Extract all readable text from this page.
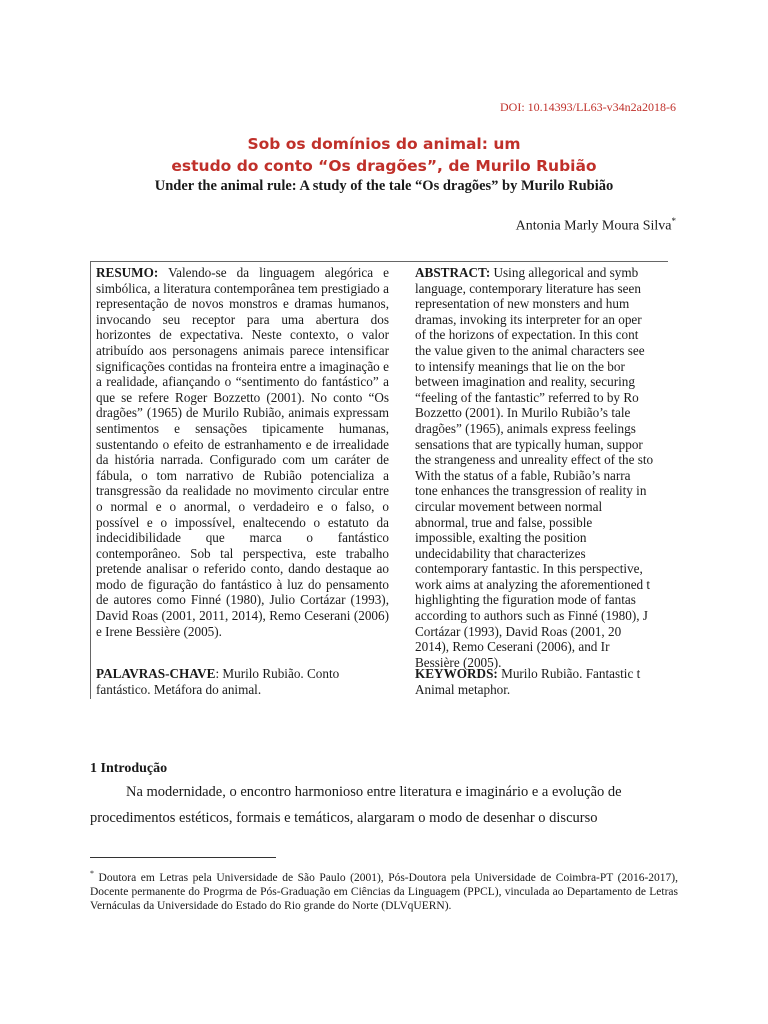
DOI: 10.14393/LL63-v34n2a2018-6
Sob os domínios do animal: um
estudo do conto “Os dragões”, de Murilo Rubião
Under the animal rule: A study of the tale “Os dragões” by Murilo Rubião
Antonia Marly Moura Silva*

RESUMO: Valendo-se da linguagem alegórica e simbólica, a literatura contemporânea tem prestigiado a representação de novos monstros e dramas humanos, invocando seu receptor para uma abertura dos horizontes de expectativa. Neste contexto, o valor atribuído aos personagens animais parece intensificar significações contidas na fronteira entre a imaginação e a realidade, afiançando o “sentimento do fantástico” a que se refere Roger Bozzetto (2001). No conto “Os dragões” (1965) de Murilo Rubião, animais expressam sentimentos e sensações tipicamente humanas, sustentando o efeito de estranhamento e de irrealidade da história narrada. Configurado com um caráter de fábula, o tom narrativo de Rubião potencializa a transgressão da realidade no movimento circular entre o normal e o anormal, o verdadeiro e o falso, o possível e o impossível, enaltecendo o estatuto da indecidibilidade que marca o fantástico contemporâneo. Sob tal perspectiva, este trabalho pretende analisar o referido conto, dando destaque ao modo de figuração do fantástico à luz do pensamento de autores como Finné (1980), Julio Cortázar (1993), David Roas (2001, 2011, 2014), Remo Ceserani (2006) e Irene Bessière (2005).

ABSTRACT: Using allegorical and symb
language, contemporary literature has seen
representation of new monsters and hum
dramas, invoking its interpreter for an oper
of the horizons of expectation. In this cont
the value given to the animal characters see
to intensify meanings that lie on the bor
between imagination and reality, securing
“feeling of the fantastic” referred to by Ro
Bozzetto (2001). In Murilo Rubião’s tale
dragões” (1965), animals express feelings
sensations that are typically human, suppor
the strangeness and unreality effect of the sto
With the status of a fable, Rubião’s narra
tone enhances the transgression of reality in
circular movement between normal
abnormal, true and false, possible
impossible, exalting the position
undecidability that characterizes
contemporary fantastic. In this perspective,
work aims at analyzing the aforementioned t
highlighting the figuration mode of fantas
according to authors such as Finné (1980), J
Cortázar (1993), David Roas (2001, 20
2014), Remo Ceserani (2006), and Ir
Bessière (2005).
PALAVRAS-CHAVE: Murilo Rubião. Conto fantástico. Metáfora do animal.
KEYWORDS: Murilo Rubião. Fantastic t
Animal metaphor.
1 Introdução
Na modernidade, o encontro harmonioso entre literatura e imaginário e a evolução de
procedimentos estéticos, formais e temáticos, alargaram o modo de desenhar o discurso
* Doutora em Letras pela Universidade de São Paulo (2001), Pós-Doutora pela Universidade de Coimbra-PT (2016-2017), Docente permanente do Progrma de Pós-Graduação em Ciências da Linguagem (PPCL), vinculada ao Departamento de Letras Vernáculas da Universidade do Estado do Rio grande do Norte (DLVqUERN).
